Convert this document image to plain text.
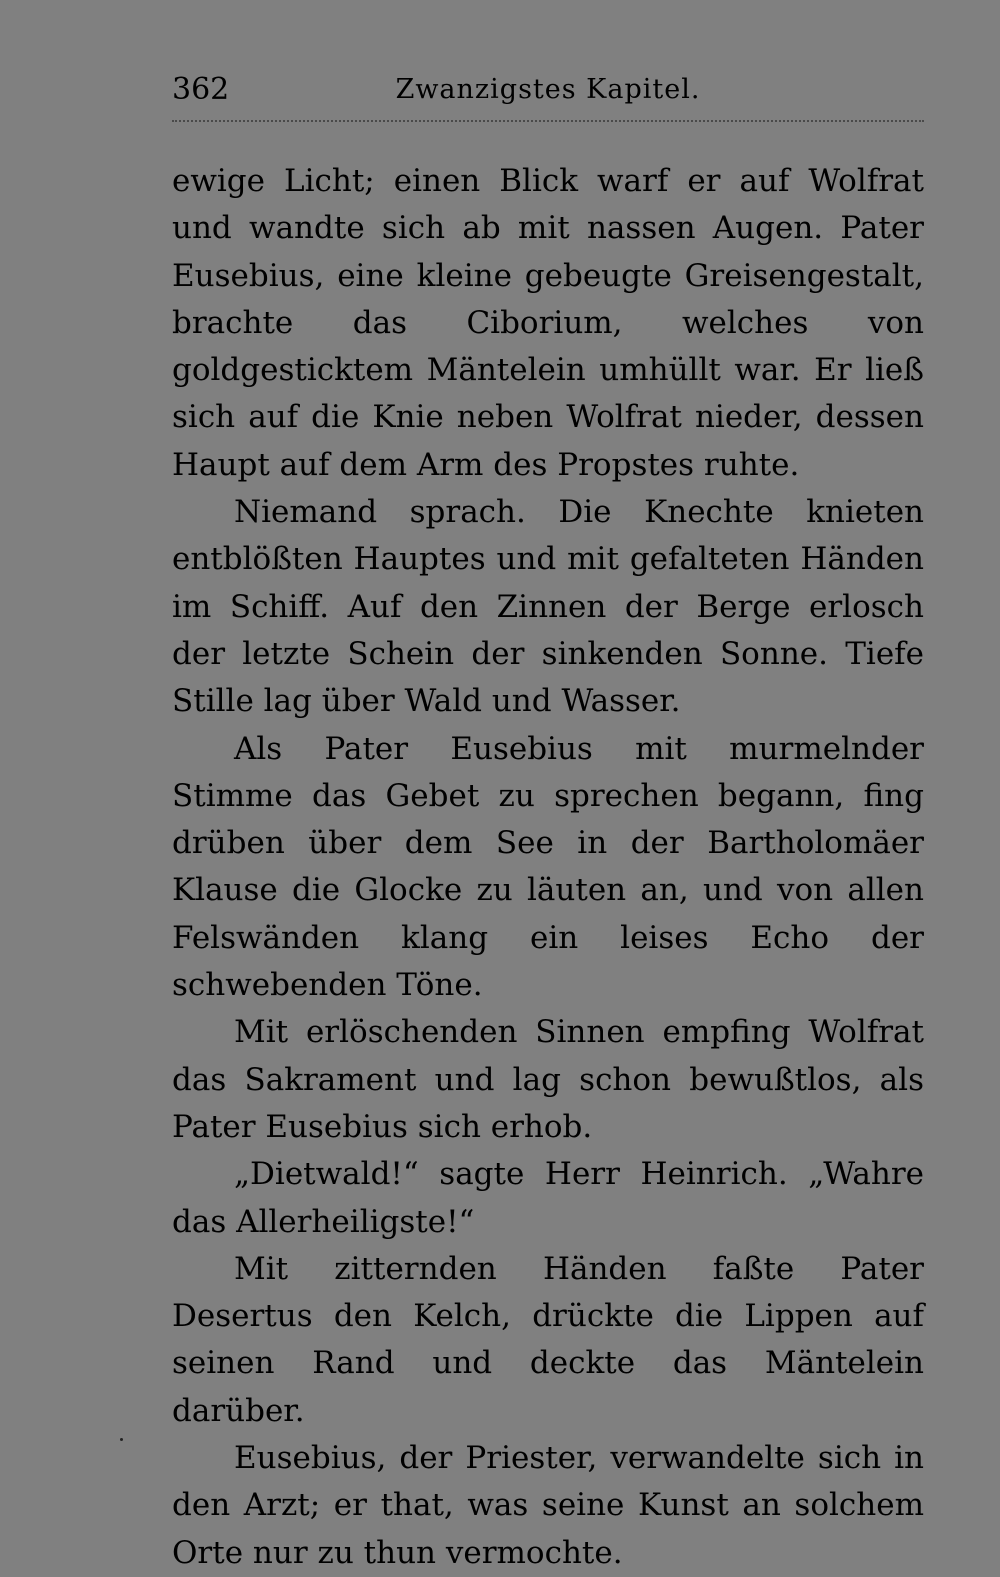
362	Zwanzigstes Kapitel.

ewige Licht; einen Blick warf er auf Wolfrat und wandte sich ab mit nassen Augen. Pater Eusebius, eine kleine gebeugte Greisengestalt, brachte das Ciborium, welches von goldgesticktem Mäntelein umhüllt war. Er ließ sich auf die Knie neben Wolfrat nieder, dessen Haupt auf dem Arm des Propstes ruhte.

Niemand sprach. Die Knechte knieten entblößten Hauptes und mit gefalteten Händen im Schiff. Auf den Zinnen der Berge erlosch der letzte Schein der sinkenden Sonne. Tiefe Stille lag über Wald und Wasser.

Als Pater Eusebius mit murmelnder Stimme das Gebet zu sprechen begann, fing drüben über dem See in der Bartholomäer Klause die Glocke zu läuten an, und von allen Felswänden klang ein leises Echo der schwebenden Töne.

Mit erlöschenden Sinnen empfing Wolfrat das Sakrament und lag schon bewußtlos, als Pater Eusebius sich erhob.

„Dietwald!“ sagte Herr Heinrich. „Wahre das Allerheiligste!“

Mit zitternden Händen faßte Pater Desertus den Kelch, drückte die Lippen auf seinen Rand und deckte das Mäntelein darüber.

Eusebius, der Priester, verwandelte sich in den Arzt; er that, was seine Kunst an solchem Orte nur zu thun vermochte.
